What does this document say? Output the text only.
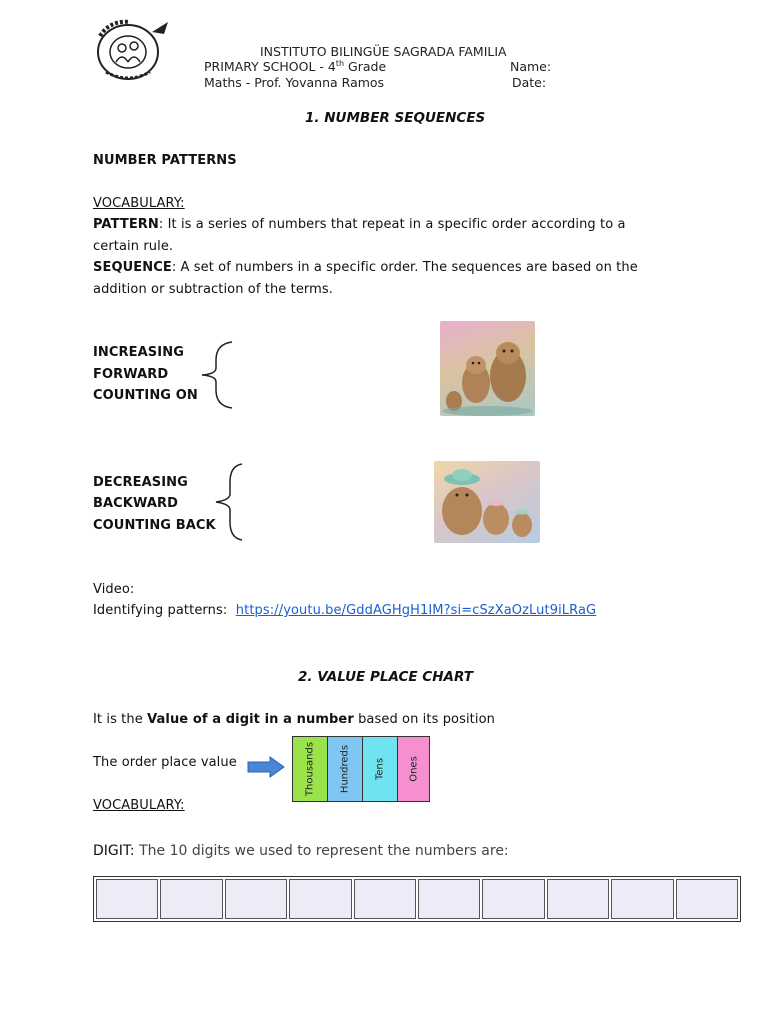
INSTITUTO BILINGÜE SAGRADA FAMILIA
PRIMARY SCHOOL - 4th Grade
Maths - Prof. Yovanna Ramos
Name:
Date:
1. NUMBER SEQUENCES
NUMBER PATTERNS
VOCABULARY:
PATTERN: It is a series of numbers that repeat in a specific order according to a
certain rule.
SEQUENCE: A set of numbers in a specific order. The sequences are based on the
addition or subtraction of the terms.
INCREASING
FORWARD
COUNTING ON
DECREASING
BACKWARD
COUNTING BACK
Video:
Identifying patterns: https://youtu.be/GddAGHgH1IM?si=cSzXaOzLut9iLRaG
2. VALUE PLACE CHART
It is the Value of a digit in a number based on its position
The order place value	Thousands Hundreds Tens Ones
VOCABULARY:
DIGIT: The 10 digits we used to represent the numbers are:
